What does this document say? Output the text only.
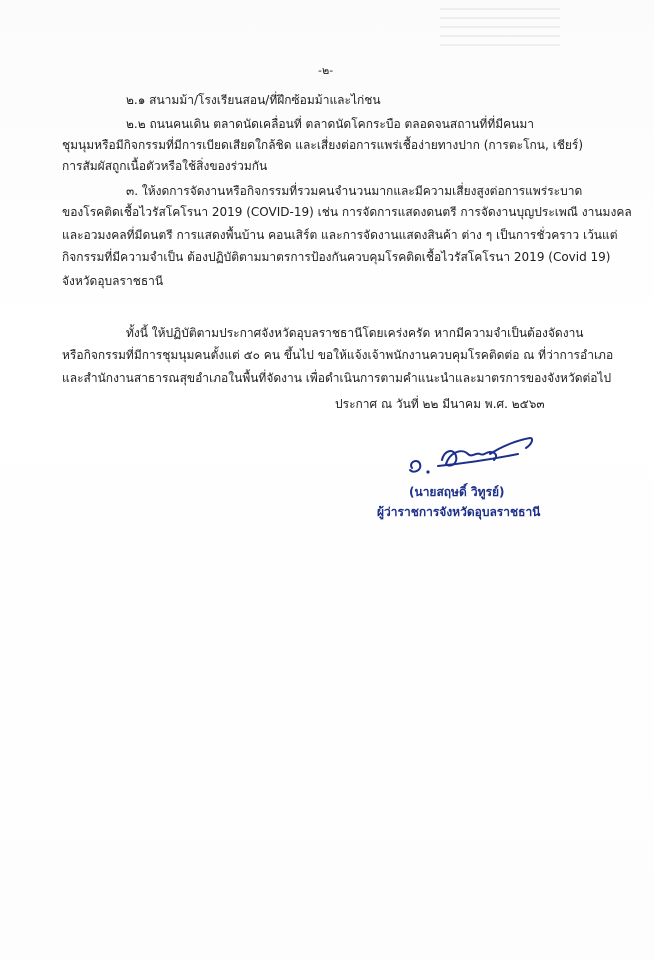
-๒-
๒.๑ สนามม้า/โรงเรียนสอน/ที่ฝึกซ้อมม้าและไก่ชน
๒.๒ ถนนคนเดิน ตลาดนัดเคลื่อนที่ ตลาดนัดโคกระบือ ตลอดจนสถานที่ที่มีคนมา
ชุมนุมหรือมีกิจกรรมที่มีการเบียดเสียดใกล้ชิด และเสี่ยงต่อการแพร่เชื้อง่ายทางปาก (การตะโกน, เชียร์)
การสัมผัสถูกเนื้อตัวหรือใช้สิ่งของร่วมกัน
๓. ให้งดการจัดงานหรือกิจกรรมที่รวมคนจำนวนมากและมีความเสี่ยงสูงต่อการแพร่ระบาด
ของโรคติดเชื้อไวรัสโคโรนา 2019 (COVID-19) เช่น การจัดการแสดงดนตรี การจัดงานบุญประเพณี งานมงคล
และอวมงคลที่มีดนตรี การแสดงพื้นบ้าน คอนเสิร์ต และการจัดงานแสดงสินค้า ต่าง ๆ เป็นการชั่วคราว เว้นแต่
กิจกรรมที่มีความจำเป็น ต้องปฏิบัติตามมาตรการป้องกันควบคุมโรคติดเชื้อไวรัสโคโรนา 2019 (Covid 19)
จังหวัดอุบลราชธานี
ทั้งนี้ ให้ปฏิบัติตามประกาศจังหวัดอุบลราชธานีโดยเคร่งครัด หากมีความจำเป็นต้องจัดงาน
หรือกิจกรรมที่มีการชุมนุมคนตั้งแต่ ๕๐ คน ขึ้นไป ขอให้แจ้งเจ้าพนักงานควบคุมโรคติดต่อ ณ ที่ว่าการอำเภอ
และสำนักงานสาธารณสุขอำเภอในพื้นที่จัดงาน เพื่อดำเนินการตามคำแนะนำและมาตรการของจังหวัดต่อไป
ประกาศ ณ วันที่ ๒๒ มีนาคม พ.ศ. ๒๕๖๓
(นายสฤษดิ์ วิทูรย์)
ผู้ว่าราชการจังหวัดอุบลราชธานี
